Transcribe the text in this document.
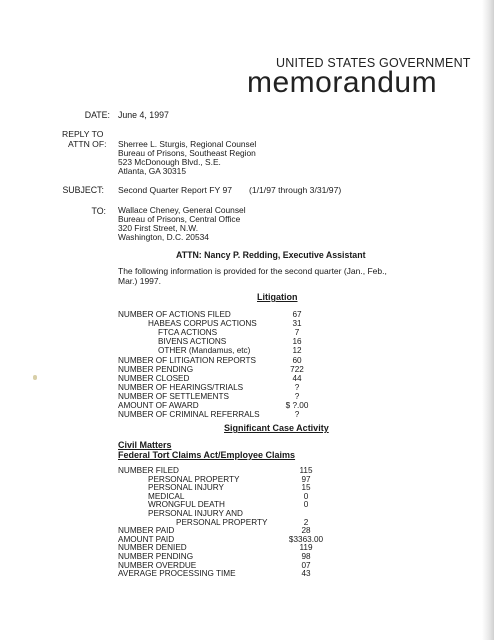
UNITED STATES GOVERNMENT
memorandum
DATE: June 4, 1997
REPLY TO
ATTN OF: Sherree L. Sturgis, Regional Counsel
Bureau of Prisons, Southeast Region
523 McDonough Blvd., S.E.
Atlanta, GA 30315
SUBJECT: Second Quarter Report FY 97 (1/1/97 through 3/31/97)
TO: Wallace Cheney, General Counsel
Bureau of Prisons, Central Office
320 First Street, N.W.
Washington, D.C. 20534
ATTN: Nancy P. Redding, Executive Assistant
The following information is provided for the second quarter (Jan., Feb.,
Mar.) 1997.
Litigation
NUMBER OF ACTIONS FILED	67
HABEAS CORPUS ACTIONS	31
FTCA ACTIONS	7
BIVENS ACTIONS	16
OTHER (Mandamus, etc)	12
NUMBER OF LITIGATION REPORTS	60
NUMBER PENDING	722
NUMBER CLOSED	44
NUMBER OF HEARINGS/TRIALS	?
NUMBER OF SETTLEMENTS	?
AMOUNT OF AWARD	$ ?.00
NUMBER OF CRIMINAL REFERRALS	?
Significant Case Activity
Civil Matters
Federal Tort Claims Act/Employee Claims
NUMBER FILED	115
PERSONAL PROPERTY	97
PERSONAL INJURY	15
MEDICAL	0
WRONGFUL DEATH	0
PERSONAL INJURY AND
PERSONAL PROPERTY	2
NUMBER PAID	28
AMOUNT PAID	$3363.00
NUMBER DENIED	119
NUMBER PENDING	98
NUMBER OVERDUE	07
AVERAGE PROCESSING TIME	43
